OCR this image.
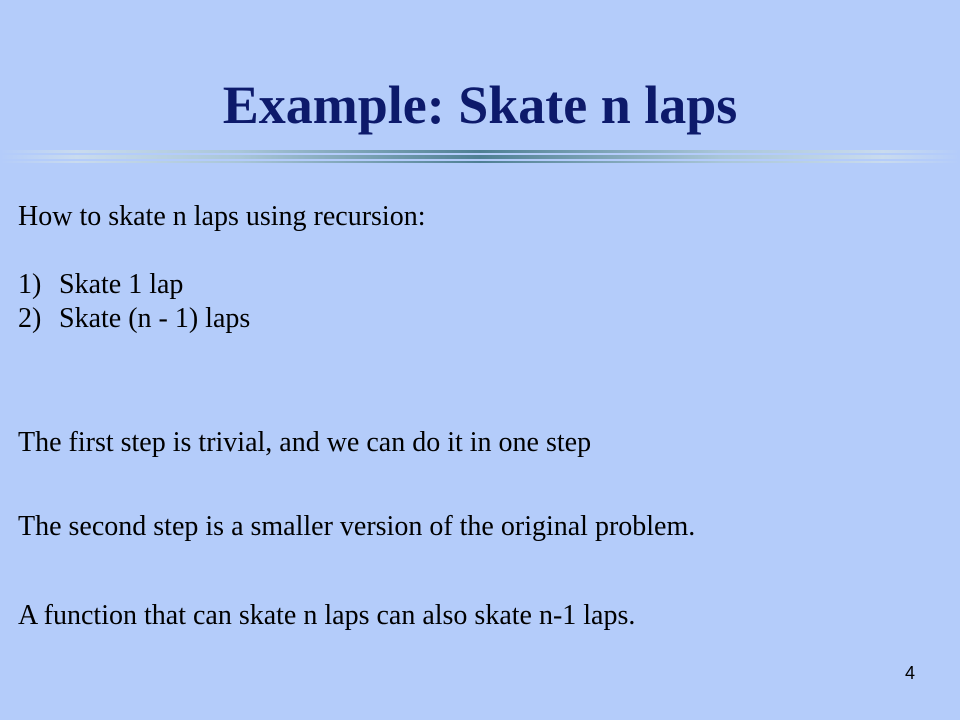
Example: Skate n laps
How to skate n laps using recursion:
1) Skate 1 lap
2) Skate (n - 1) laps
The first step is trivial, and we can do it in one step
The second step is a smaller version of the original problem.
A function that can skate n laps can also skate n-1 laps.
4
